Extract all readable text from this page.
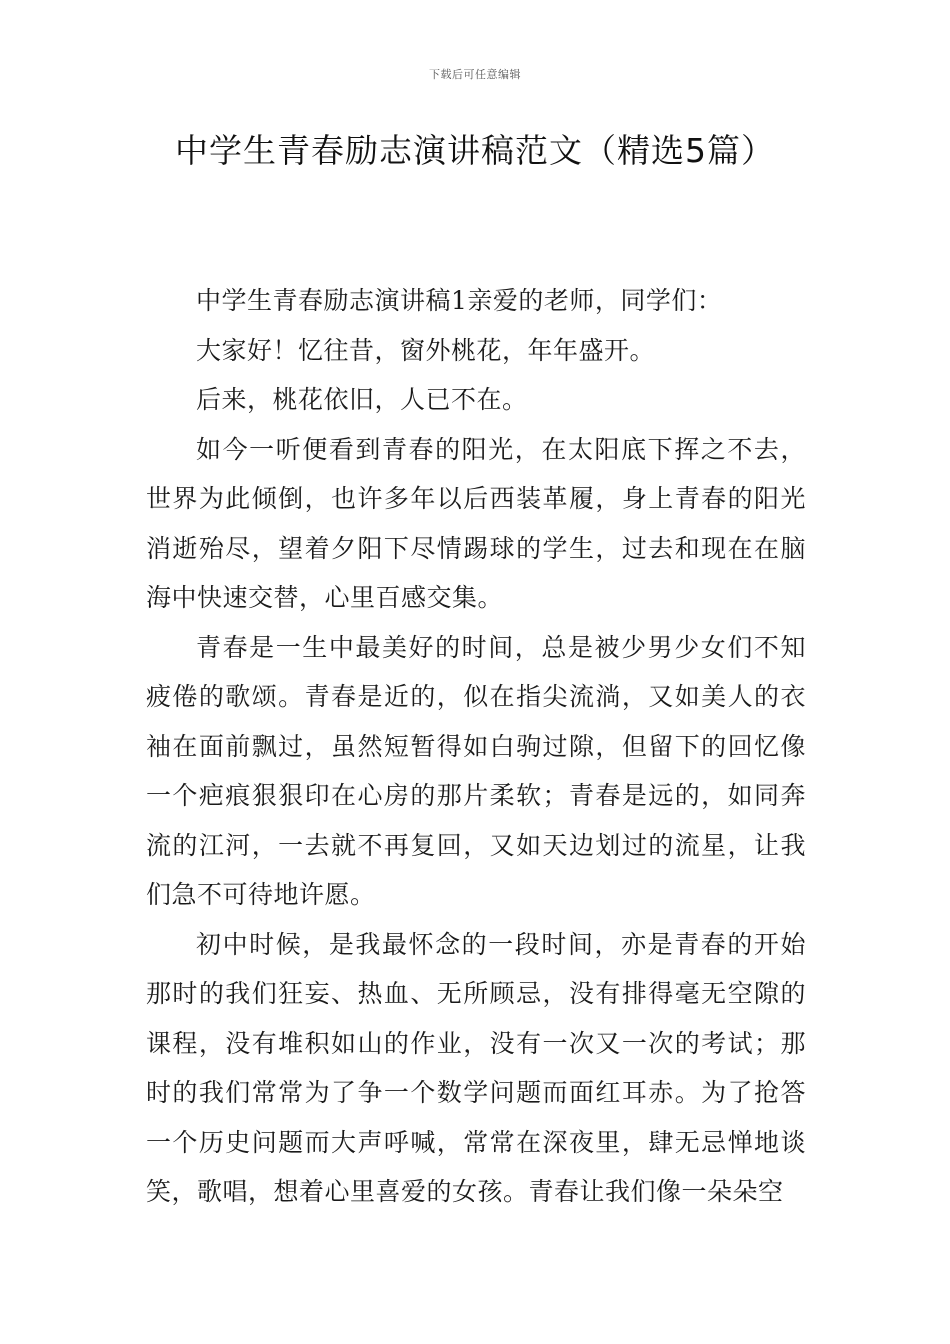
下载后可任意编辑
中学生青春励志演讲稿范文（精选5篇）

中学生青春励志演讲稿1亲爱的老师，同学们：

大家好！忆往昔，窗外桃花，年年盛开。

后来，桃花依旧，人已不在。

如今一听便看到青春的阳光，在太阳底下挥之不去，世界为此倾倒，也许多年以后西装革履，身上青春的阳光消逝殆尽，望着夕阳下尽情踢球的学生，过去和现在在脑海中快速交替，心里百感交集。

青春是一生中最美好的时间，总是被少男少女们不知疲倦的歌颂。青春是近的，似在指尖流淌，又如美人的衣袖在面前飘过，虽然短暂得如白驹过隙，但留下的回忆像一个疤痕狠狠印在心房的那片柔软；青春是远的，如同奔流的江河，一去就不再复回，又如天边划过的流星，让我们急不可待地许愿。

初中时候，是我最怀念的一段时间，亦是青春的开始那时的我们狂妄、热血、无所顾忌，没有排得毫无空隙的课程，没有堆积如山的作业，没有一次又一次的考试；那时的我们常常为了争一个数学问题而面红耳赤。为了抢答一个历史问题而大声呼喊，常常在深夜里，肆无忌惮地谈笑，歌唱，想着心里喜爱的女孩。青春让我们像一朵朵空
